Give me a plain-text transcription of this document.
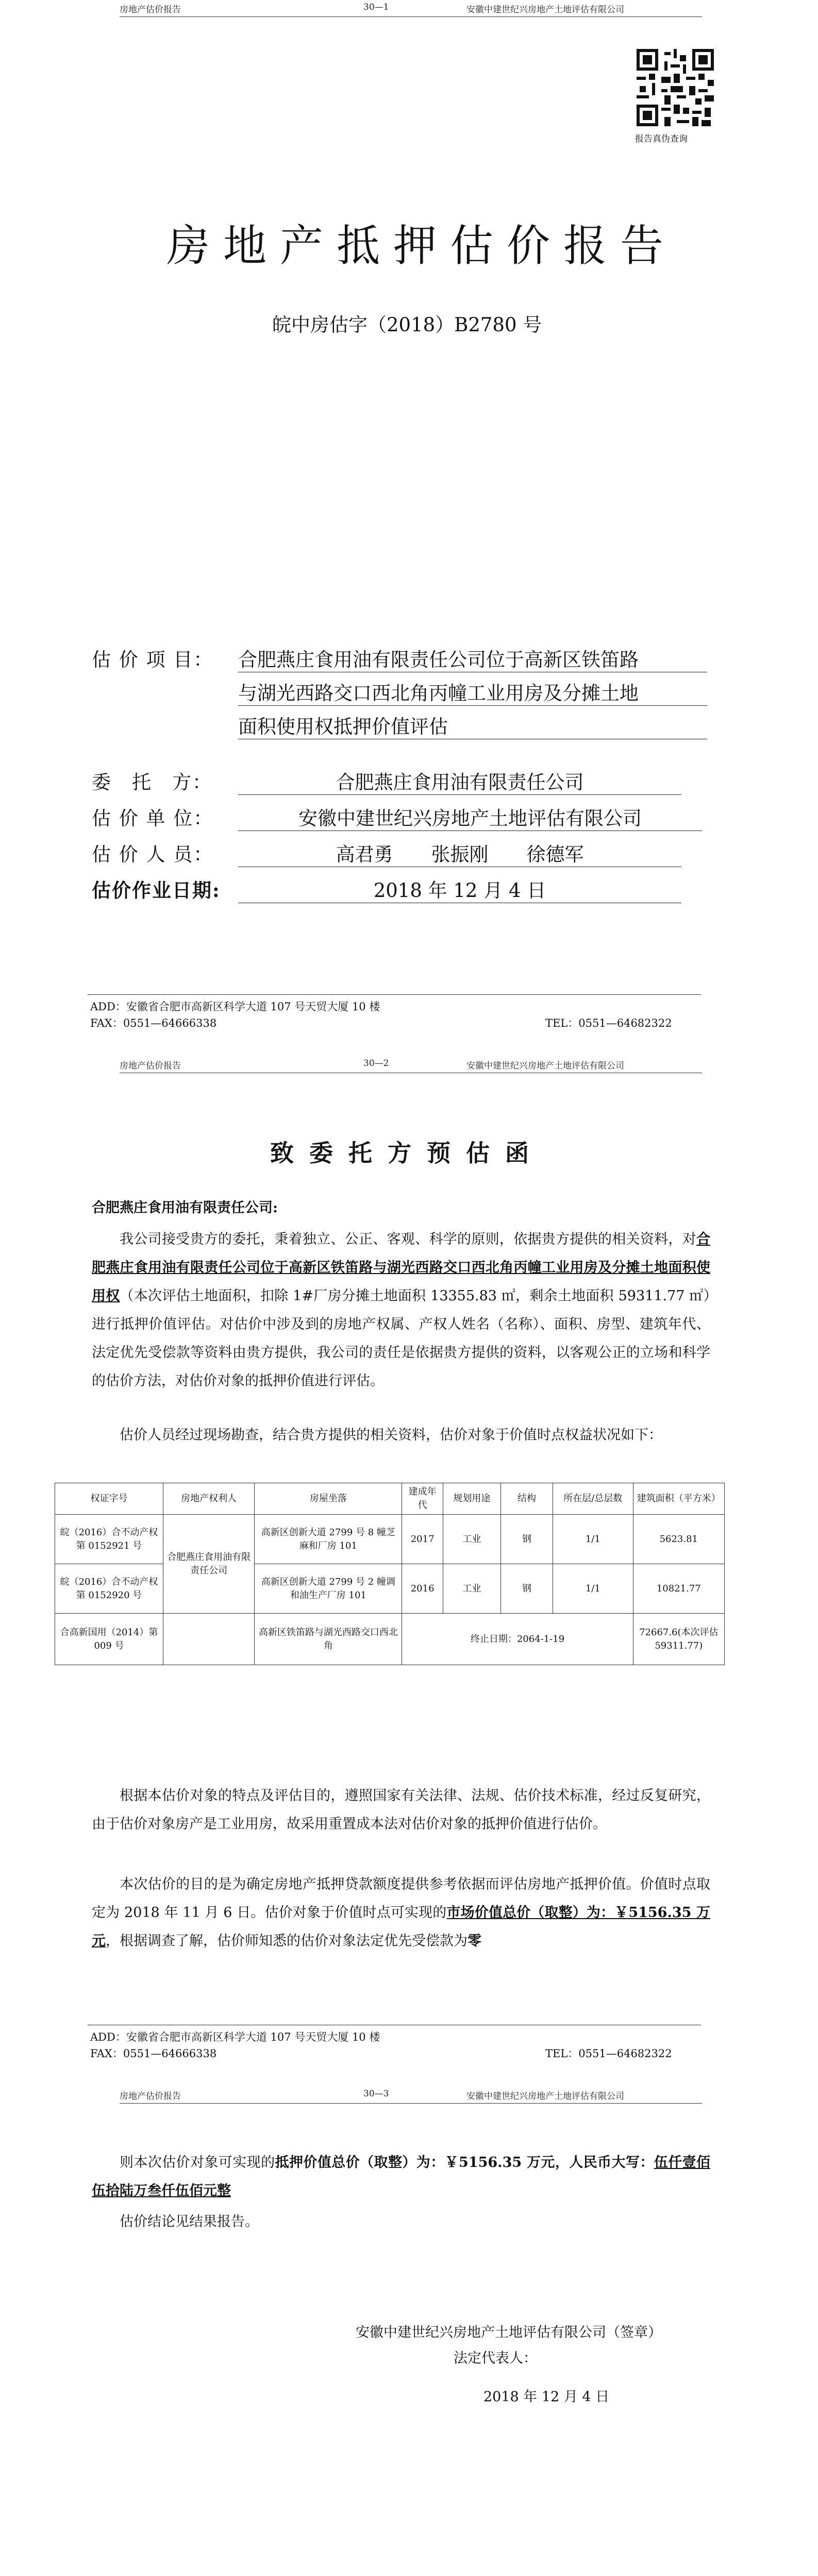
房地产估价报告	30—1	安徽中建世纪兴房地产土地评估有限公司
报告真伪查询
房地产抵押估价报告
皖中房估字（2018）B2780 号
估 价 项 目： 合肥燕庄食用油有限责任公司位于高新区铁笛路
与湖光西路交口西北角丙幢工业用房及分摊土地
面积使用权抵押价值评估
委　托　方：	合肥燕庄食用油有限责任公司
估 价 单 位：	安徽中建世纪兴房地产土地评估有限公司
估 价 人 员：	高君勇　　张振刚　　徐德军
估价作业日期:	2018 年 12 月 4 日
ADD：安徽省合肥市高新区科学大道 107 号天贸大厦 10 楼
FAX：0551—64666338	TEL：0551—64682322
房地产估价报告	30—2	安徽中建世纪兴房地产土地评估有限公司
致委托方预估函
合肥燕庄食用油有限责任公司:
我公司接受贵方的委托，秉着独立、公正、客观、科学的原则，依据贵方提供的相关资料，对合肥燕庄食用油有限责任公司位于高新区铁笛路与湖光西路交口西北角丙幢工业用房及分摊土地面积使用权（本次评估土地面积，扣除 1#厂房分摊土地面积 13355.83 ㎡，剩余土地面积 59311.77 ㎡）进行抵押价值评估。对估价中涉及到的房地产权属、产权人姓名（名称）、面积、房型、建筑年代、法定优先受偿款等资料由贵方提供，我公司的责任是依据贵方提供的资料，以客观公正的立场和科学的估价方法，对估价对象的抵押价值进行评估。
估价人员经过现场勘查，结合贵方提供的相关资料，估价对象于价值时点权益状况如下：
权证字号	房地产权利人	房屋坐落	建成年代	规划用途	结构	所在层/总层数	建筑面积（平方米）
皖（2016）合不动产权第 0152921 号	合肥燕庄食用油有限责任公司	高新区创新大道 2799 号 8 幢芝麻和厂房 101	2017	工业	钢	1/1	5623.81
皖（2016）合不动产权第 0152920 号		高新区创新大道 2799 号 2 幢调和油生产厂房 101	2016	工业	钢	1/1	10821.77
合高新国用（2014）第 009 号		高新区铁笛路与湖光西路交口西北角	终止日期：2064-1-19				72667.6(本次评估 59311.77)
根据本估价对象的特点及评估目的，遵照国家有关法律、法规、估价技术标准，经过反复研究，由于估价对象房产是工业用房，故采用重置成本法对估价对象的抵押价值进行估价。
本次估价的目的是为确定房地产抵押贷款额度提供参考依据而评估房地产抵押价值。价值时点取定为 2018 年 11 月 6 日。估价对象于价值时点可实现的市场价值总价（取整）为：￥5156.35 万元，根据调查了解，估价师知悉的估价对象法定优先受偿款为零
ADD：安徽省合肥市高新区科学大道 107 号天贸大厦 10 楼
FAX：0551—64666338	TEL：0551—64682322
房地产估价报告	30—3	安徽中建世纪兴房地产土地评估有限公司
则本次估价对象可实现的抵押价值总价（取整）为：￥5156.35 万元，人民币大写：伍仟壹佰伍拾陆万叁仟伍佰元整
估价结论见结果报告。
安徽中建世纪兴房地产土地评估有限公司（签章）
法定代表人：
2018 年 12 月 4 日
